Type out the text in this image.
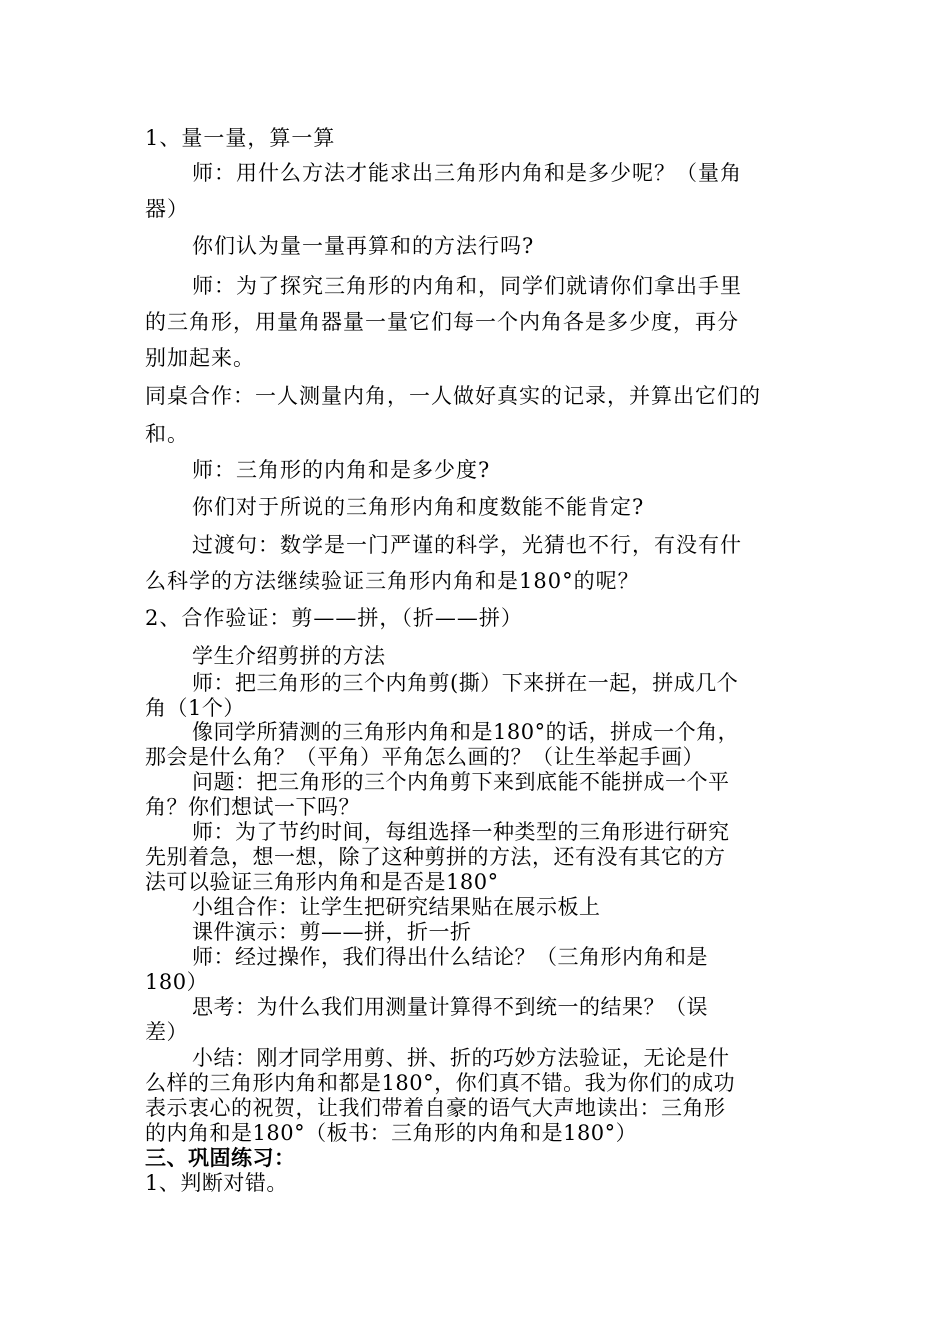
1、量一量，算一算
师：用什么方法才能求出三角形内角和是多少呢？（量角
器）
你们认为量一量再算和的方法行吗?
师：为了探究三角形的内角和，同学们就请你们拿出手里
的三角形，用量角器量一量它们每一个内角各是多少度，再分
别加起来。
同桌合作：一人测量内角，一人做好真实的记录，并算出它们的
和。
师：三角形的内角和是多少度?
你们对于所说的三角形内角和度数能不能肯定?
过渡句：数学是一门严谨的科学，光猜也不行，有没有什
么科学的方法继续验证三角形内角和是180°的呢？
2、合作验证：剪——拼，（折——拼）
学生介绍剪拼的方法
师：把三角形的三个内角剪(撕）下来拼在一起，拼成几个
角（1个）
像同学所猜测的三角形内角和是180°的话，拼成一个角，
那会是什么角？（平角）平角怎么画的？（让生举起手画）
问题：把三角形的三个内角剪下来到底能不能拼成一个平
角？你们想试一下吗？
师：为了节约时间，每组选择一种类型的三角形进行研究
先别着急，想一想，除了这种剪拼的方法，还有没有其它的方
法可以验证三角形内角和是否是180°
小组合作：让学生把研究结果贴在展示板上
课件演示：剪——拼，折一折
师：经过操作，我们得出什么结论？（三角形内角和是
180）
思考：为什么我们用测量计算得不到统一的结果？（误
差）
小结：刚才同学用剪、拼、折的巧妙方法验证，无论是什
么样的三角形内角和都是180°，你们真不错。我为你们的成功
表示衷心的祝贺，让我们带着自豪的语气大声地读出：三角形
的内角和是180°（板书：三角形的内角和是180°）
三、巩固练习：
1、判断对错。
